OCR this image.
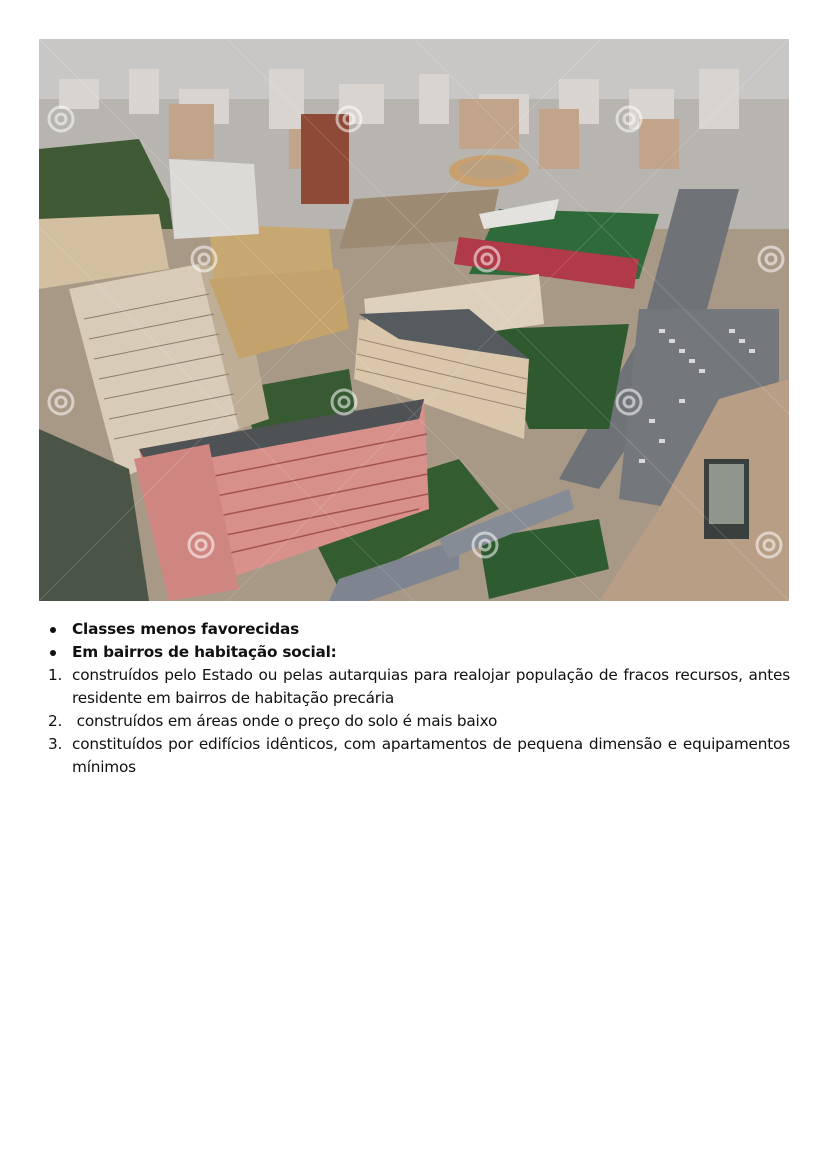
Classes menos favorecidas
Em bairros de habitação social:
1. construídos pelo Estado ou pelas autarquias para realojar população de fracos recursos, antes residente em bairros de habitação precária
2. construídos em áreas onde o preço do solo é mais baixo
3. constituídos por edifícios idênticos, com apartamentos de pequena dimensão e equipamentos mínimos
